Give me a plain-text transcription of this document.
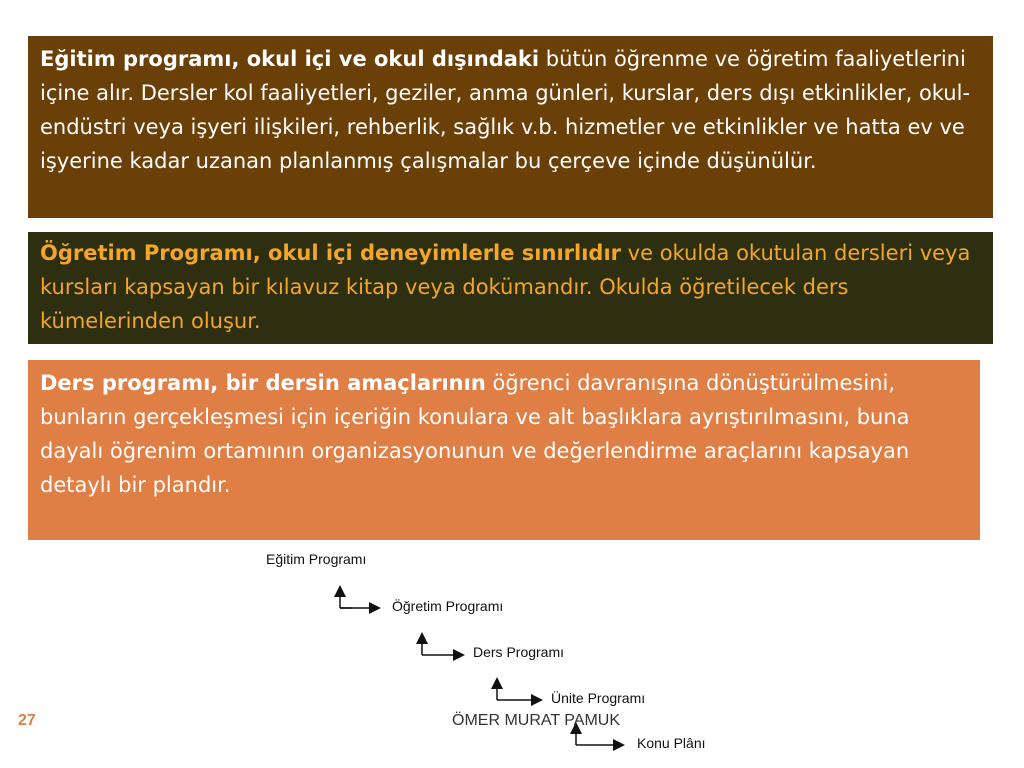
Eğitim programı, okul içi ve okul dışındaki bütün öğrenme ve öğretim faaliyetlerini içine alır. Dersler kol faaliyetleri, geziler, anma günleri, kurslar, ders dışı etkinlikler, okul-endüstri veya işyeri ilişkileri, rehberlik, sağlık v.b. hizmetler ve etkinlikler ve hatta ev ve işyerine kadar uzanan planlanmış çalışmalar bu çerçeve içinde düşünülür.
Öğretim Programı, okul içi deneyimlerle sınırlıdır ve okulda okutulan dersleri veya kursları kapsayan bir kılavuz kitap veya dokümandır. Okulda öğretilecek ders kümelerinden oluşur.
Ders programı, bir dersin amaçlarının öğrenci davranışına dönüştürülmesini, bunların gerçekleşmesi için içeriğin konulara ve alt başlıklara ayrıştırılmasını, buna dayalı öğrenim ortamının organizasyonunun ve değerlendirme araçlarını kapsayan detaylı bir plandır.
Eğitim Programı
Öğretim Programı
Ders Programı
Ünite Programı
Konu Plânı
27	ÖMER MURAT PAMUK
